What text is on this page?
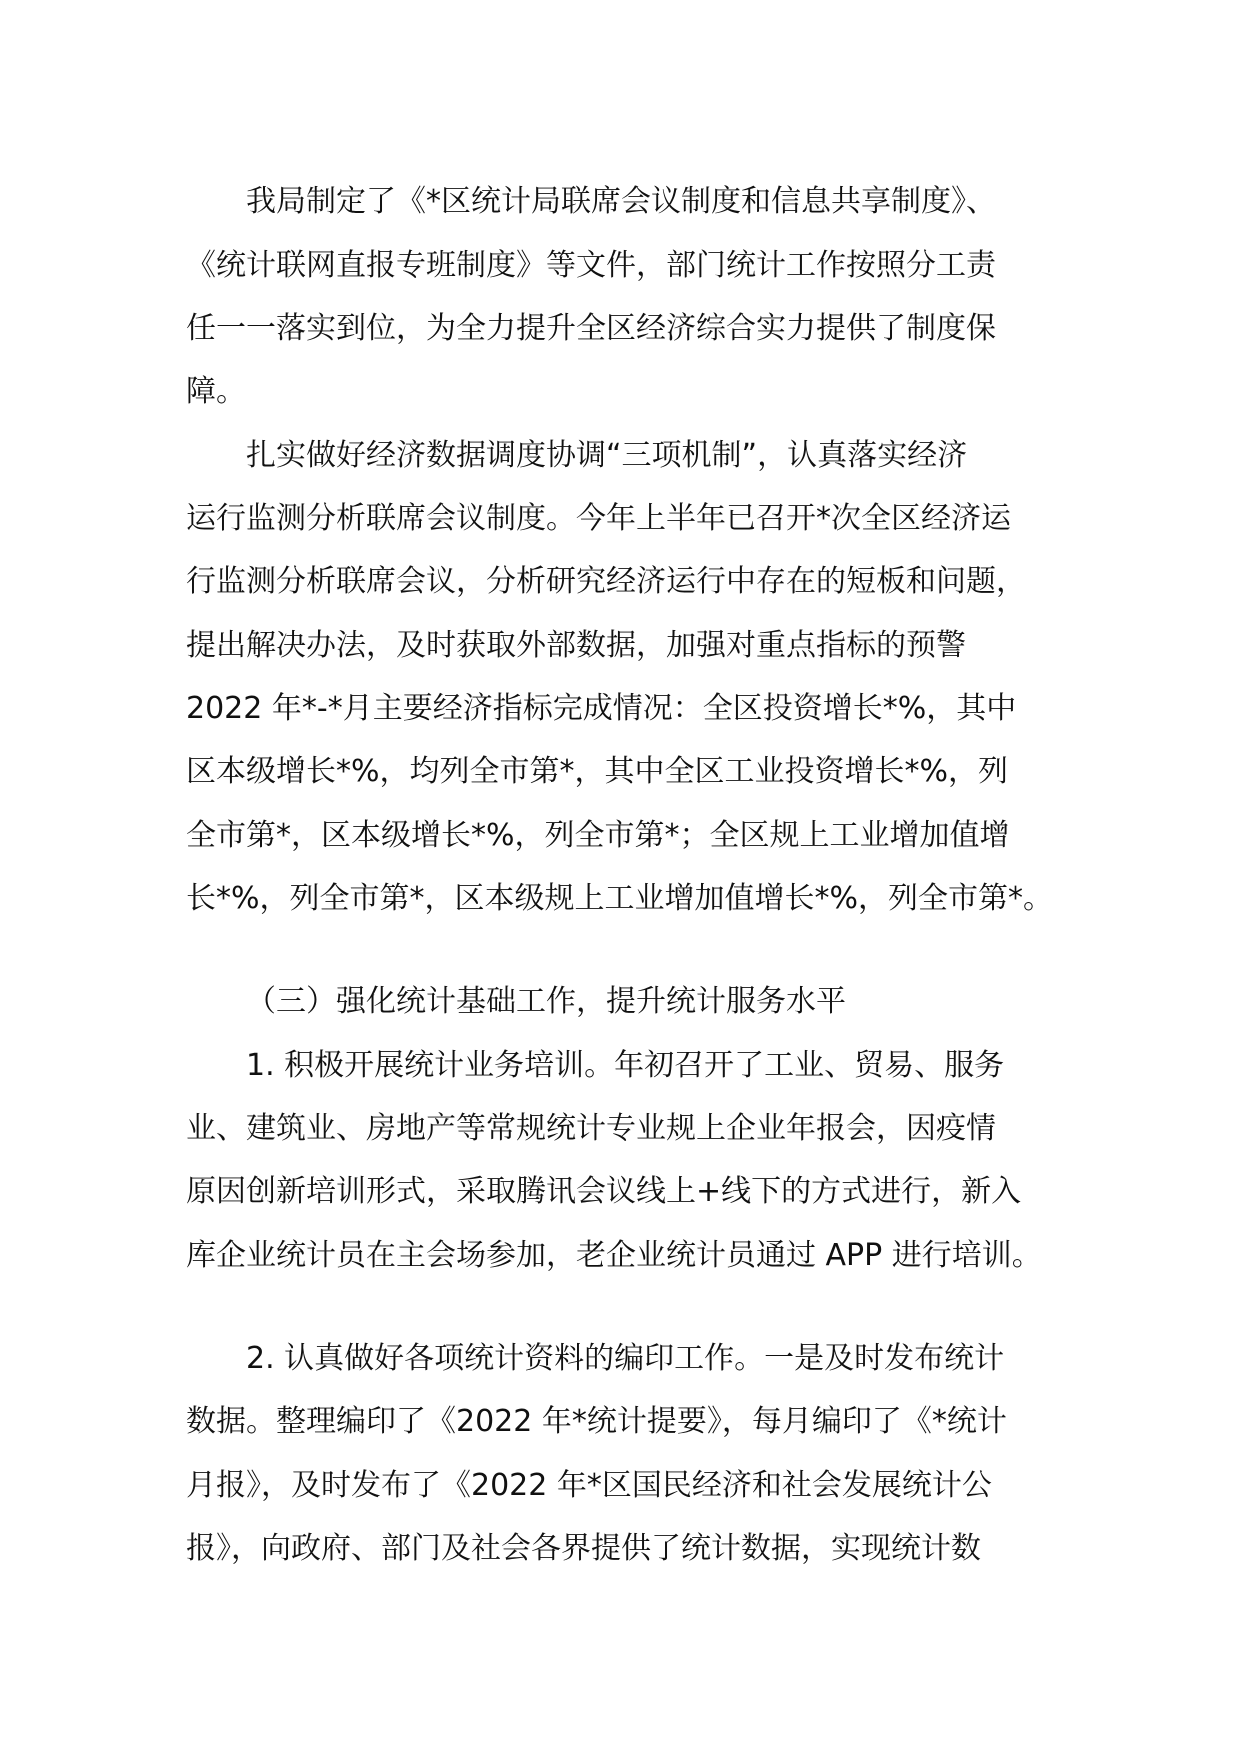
我局制定了《*区统计局联席会议制度和信息共享制度》、
《统计联网直报专班制度》等文件，部门统计工作按照分工责
任一一落实到位，为全力提升全区经济综合实力提供了制度保
障。
扎实做好经济数据调度协调“三项机制”，认真落实经济
运行监测分析联席会议制度。今年上半年已召开*次全区经济运
行监测分析联席会议，分析研究经济运行中存在的短板和问题，
提出解决办法，及时获取外部数据，加强对重点指标的预警
2022 年*-*月主要经济指标完成情况：全区投资增长*%，其中
区本级增长*%，均列全市第*，其中全区工业投资增长*%，列
全市第*，区本级增长*%，列全市第*；全区规上工业增加值增
长*%，列全市第*，区本级规上工业增加值增长*%，列全市第*。
（三）强化统计基础工作，提升统计服务水平
1. 积极开展统计业务培训。年初召开了工业、贸易、服务
业、建筑业、房地产等常规统计专业规上企业年报会，因疫情
原因创新培训形式，采取腾讯会议线上+线下的方式进行，新入
库企业统计员在主会场参加，老企业统计员通过 APP 进行培训。
2. 认真做好各项统计资料的编印工作。一是及时发布统计
数据。整理编印了《2022 年*统计提要》，每月编印了《*统计
月报》，及时发布了《2022 年*区国民经济和社会发展统计公
报》，向政府、部门及社会各界提供了统计数据，实现统计数
